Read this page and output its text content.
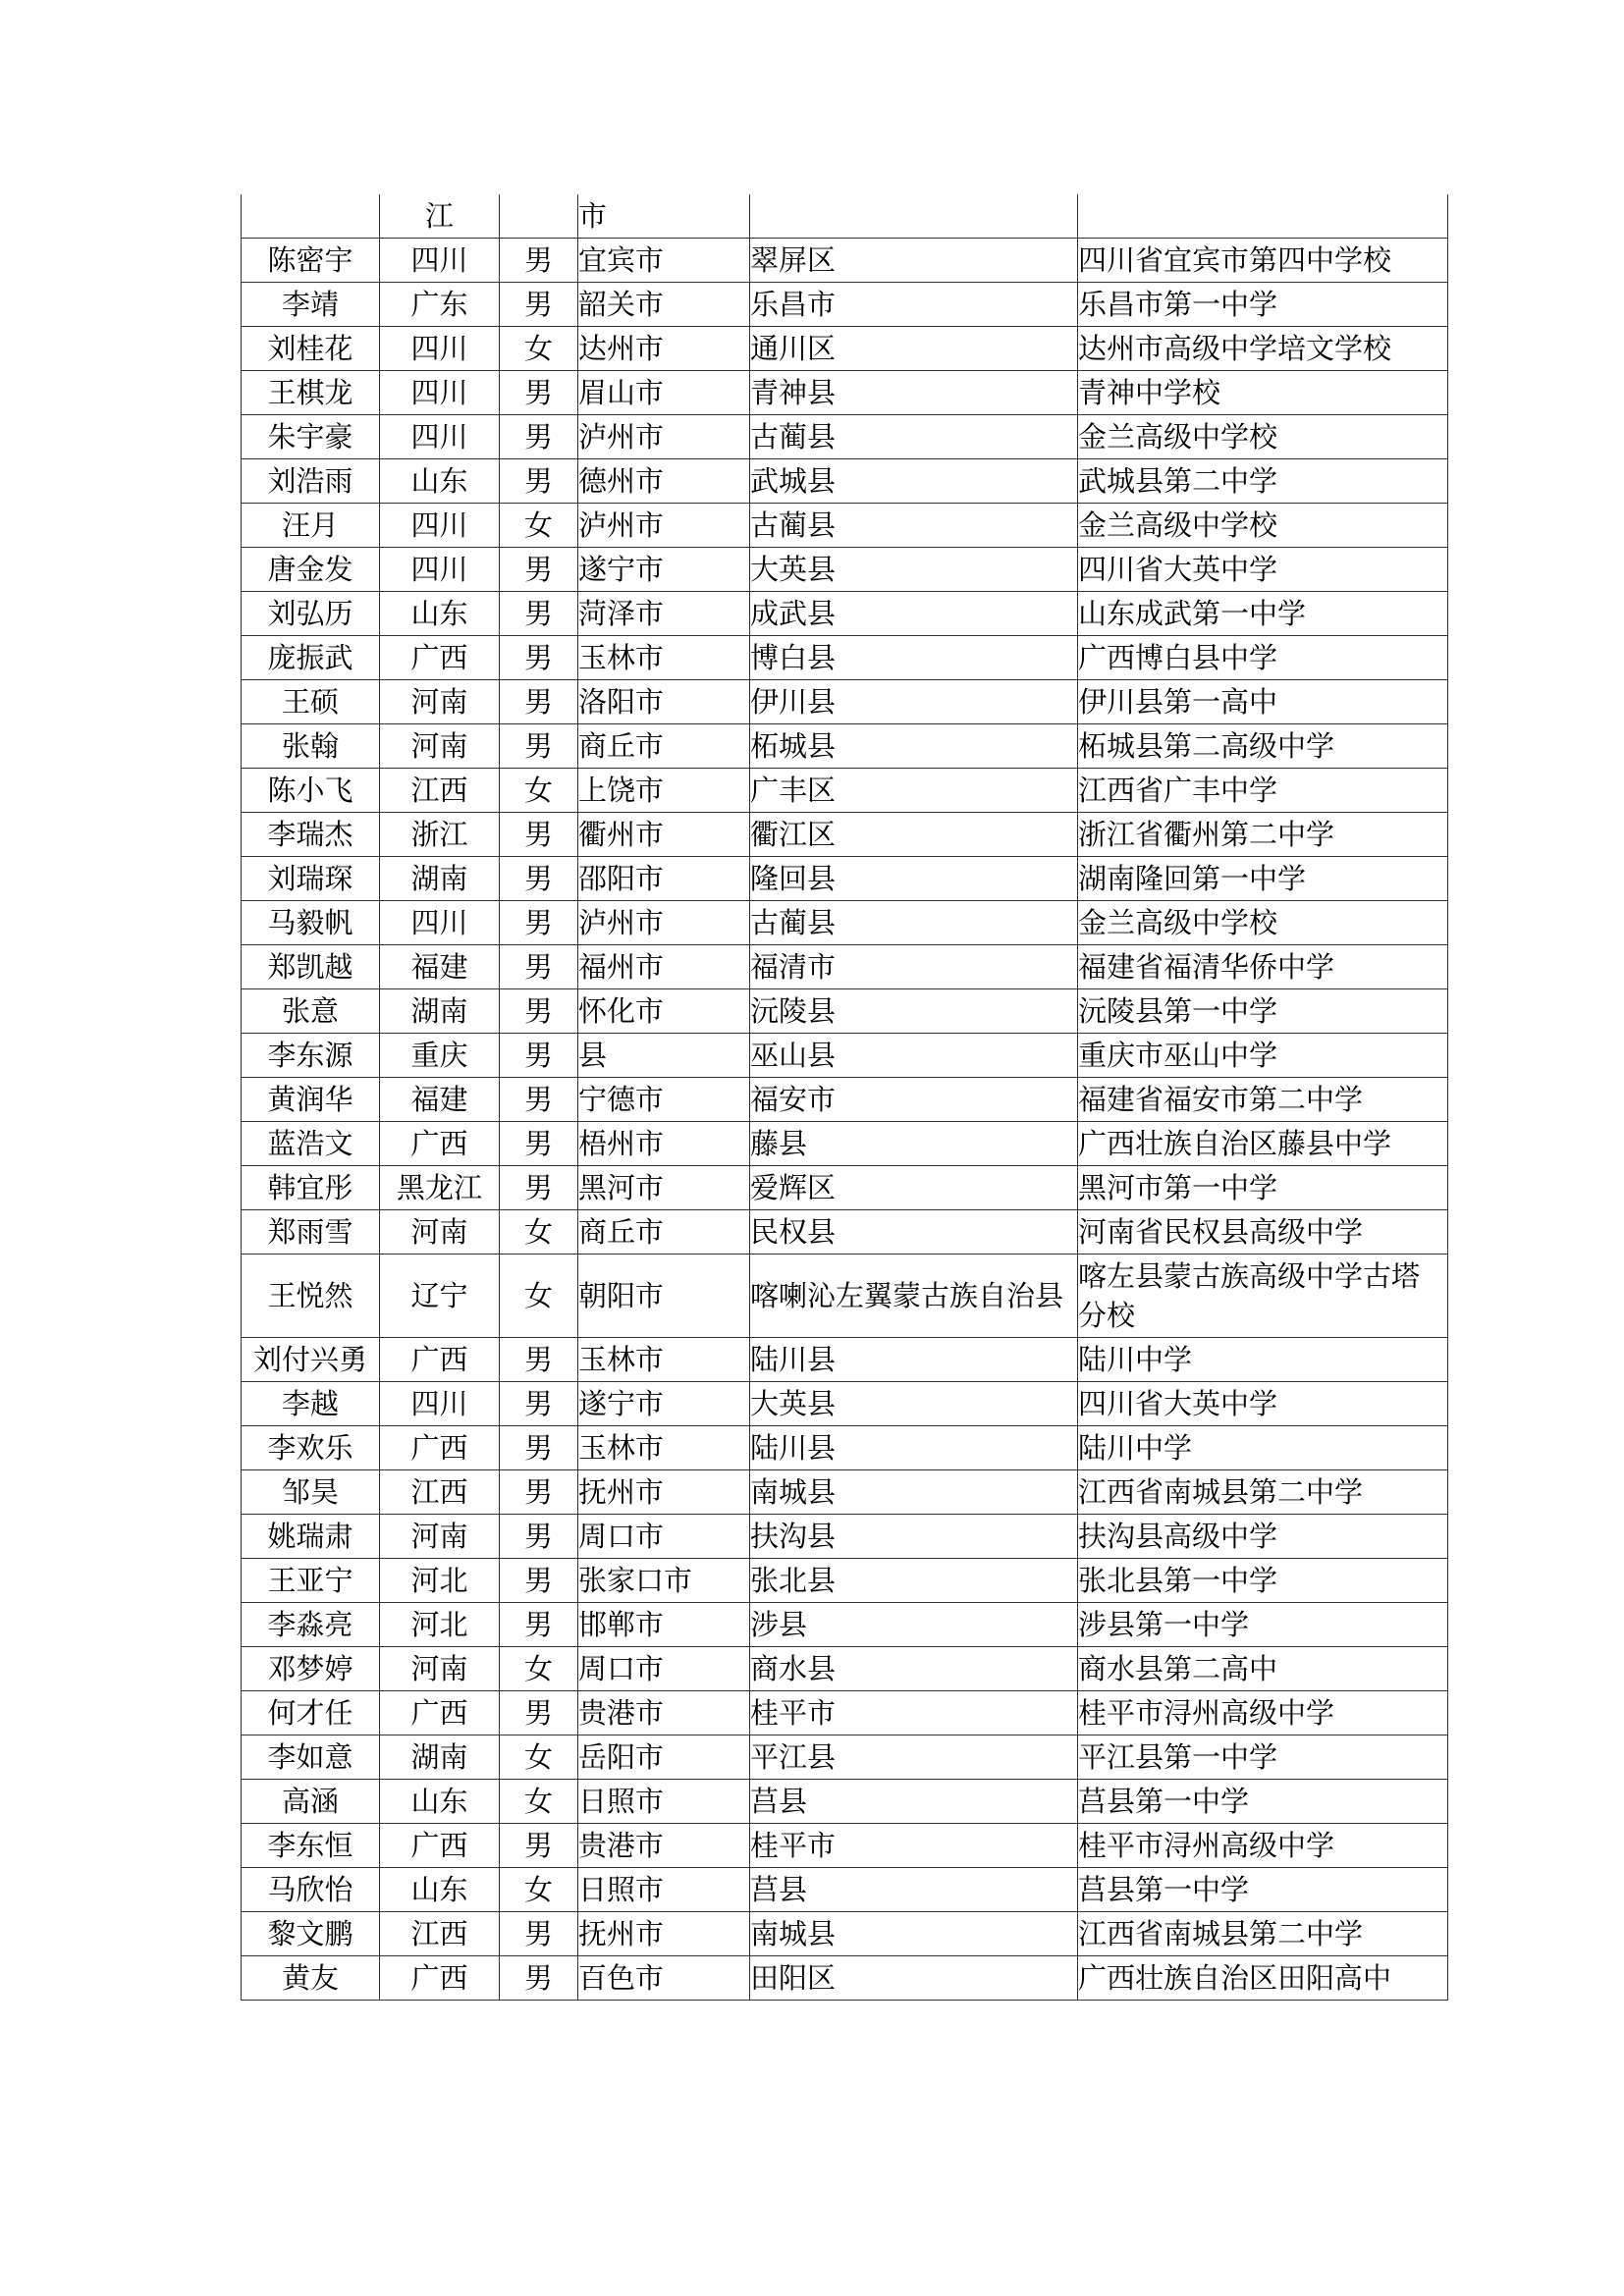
	江		市		
陈密宇	四川	男	宜宾市	翠屏区	四川省宜宾市第四中学校
李靖	广东	男	韶关市	乐昌市	乐昌市第一中学
刘桂花	四川	女	达州市	通川区	达州市高级中学培文学校
王棋龙	四川	男	眉山市	青神县	青神中学校
朱宇豪	四川	男	泸州市	古蔺县	金兰高级中学校
刘浩雨	山东	男	德州市	武城县	武城县第二中学
汪月	四川	女	泸州市	古蔺县	金兰高级中学校
唐金发	四川	男	遂宁市	大英县	四川省大英中学
刘弘历	山东	男	菏泽市	成武县	山东成武第一中学
庞振武	广西	男	玉林市	博白县	广西博白县中学
王硕	河南	男	洛阳市	伊川县	伊川县第一高中
张翰	河南	男	商丘市	柘城县	柘城县第二高级中学
陈小飞	江西	女	上饶市	广丰区	江西省广丰中学
李瑞杰	浙江	男	衢州市	衢江区	浙江省衢州第二中学
刘瑞琛	湖南	男	邵阳市	隆回县	湖南隆回第一中学
马毅帆	四川	男	泸州市	古蔺县	金兰高级中学校
郑凯越	福建	男	福州市	福清市	福建省福清华侨中学
张意	湖南	男	怀化市	沅陵县	沅陵县第一中学
李东源	重庆	男	县	巫山县	重庆市巫山中学
黄润华	福建	男	宁德市	福安市	福建省福安市第二中学
蓝浩文	广西	男	梧州市	藤县	广西壮族自治区藤县中学
韩宜彤	黑龙江	男	黑河市	爱辉区	黑河市第一中学
郑雨雪	河南	女	商丘市	民权县	河南省民权县高级中学
王悦然	辽宁	女	朝阳市	喀喇沁左翼蒙古族自治县	喀左县蒙古族高级中学古塔分校
刘付兴勇	广西	男	玉林市	陆川县	陆川中学
李越	四川	男	遂宁市	大英县	四川省大英中学
李欢乐	广西	男	玉林市	陆川县	陆川中学
邹昊	江西	男	抚州市	南城县	江西省南城县第二中学
姚瑞肃	河南	男	周口市	扶沟县	扶沟县高级中学
王亚宁	河北	男	张家口市	张北县	张北县第一中学
李淼亮	河北	男	邯郸市	涉县	涉县第一中学
邓梦婷	河南	女	周口市	商水县	商水县第二高中
何才任	广西	男	贵港市	桂平市	桂平市浔州高级中学
李如意	湖南	女	岳阳市	平江县	平江县第一中学
高涵	山东	女	日照市	莒县	莒县第一中学
李东恒	广西	男	贵港市	桂平市	桂平市浔州高级中学
马欣怡	山东	女	日照市	莒县	莒县第一中学
黎文鹏	江西	男	抚州市	南城县	江西省南城县第二中学
黄友	广西	男	百色市	田阳区	广西壮族自治区田阳高中
